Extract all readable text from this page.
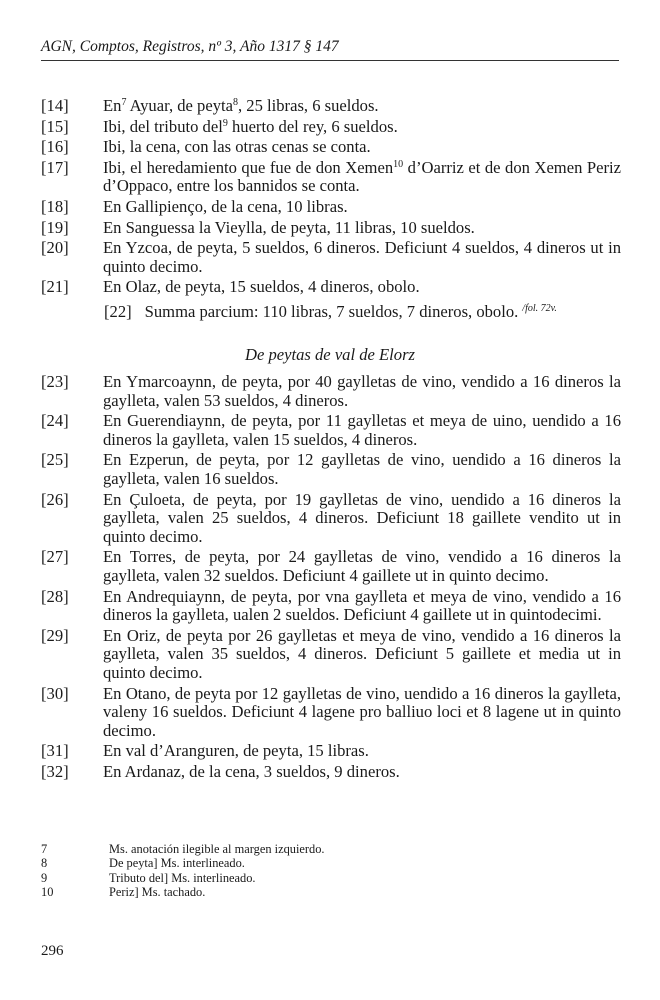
AGN, Comptos, Registros, nº 3, Año 1317 § 147
[14]	En$^7$ Ayuar, de peyta$^8$, 25 libras, 6 sueldos.
[15]	Ibi, del tributo del$^9$ huerto del rey, 6 sueldos.
[16]	Ibi, la cena, con las otras cenas se conta.
[17]	Ibi, el heredamiento que fue de don Xemen$^{10}$ d’Oarriz et de don Xemen Periz d’Oppaco, entre los bannidos se conta.
[18]	En Gallipienço, de la cena, 10 libras.
[19]	En Sanguessa la Vieylla, de peyta, 11 libras, 10 sueldos.
[20]	En Yzcoa, de peyta, 5 sueldos, 6 dineros. Deficiunt 4 sueldos, 4 dineros ut in quinto decimo.
[21]	En Olaz, de peyta, 15 sueldos, 4 dineros, obolo.
[22] Summa parcium: 110 libras, 7 sueldos, 7 dineros, obolo. $^{/fol. 72v.}$
De peytas de val de Elorz
[23]	En Ymarcoaynn, de peyta, por 40 gaylletas de vino, vendido a 16 dineros la gaylleta, valen 53 sueldos, 4 dineros.
[24]	En Guerendiaynn, de peyta, por 11 gaylletas et meya de uino, uendido a 16 dineros la gaylleta, valen 15 sueldos, 4 dineros.
[25]	En Ezperun, de peyta, por 12 gaylletas de vino, uendido a 16 dineros la gaylleta, valen 16 sueldos.
[26]	En Çuloeta, de peyta, por 19 gaylletas de vino, uendido a 16 dineros la gaylleta, valen 25 sueldos, 4 dineros. Deficiunt 18 gaillete vendito ut in quinto decimo.
[27]	En Torres, de peyta, por 24 gaylletas de vino, vendido a 16 dineros la gaylleta, valen 32 sueldos. Deficiunt 4 gaillete ut in quinto decimo.
[28]	En Andrequiaynn, de peyta, por vna gaylleta et meya de vino, vendido a 16 dineros la gaylleta, ualen 2 sueldos. Deficiunt 4 gaillete ut in quintodecimi.
[29]	En Oriz, de peyta por 26 gaylletas et meya de vino, vendido a 16 dineros la gaylleta, valen 35 sueldos, 4 dineros. Deficiunt 5 gaillete et media ut in quinto decimo.
[30]	En Otano, de peyta por 12 gaylletas de vino, uendido a 16 dineros la gaylleta, valeny 16 sueldos. Deficiunt 4 lagene pro balliuo loci et 8 lagene ut in quinto decimo.
[31]	En val d’Aranguren, de peyta, 15 libras.
[32]	En Ardanaz, de la cena, 3 sueldos, 9 dineros.
7	Ms. anotación ilegible al margen izquierdo.
8	De peyta] Ms. interlineado.
9	Tributo del] Ms. interlineado.
10	Periz] Ms. tachado.
296
